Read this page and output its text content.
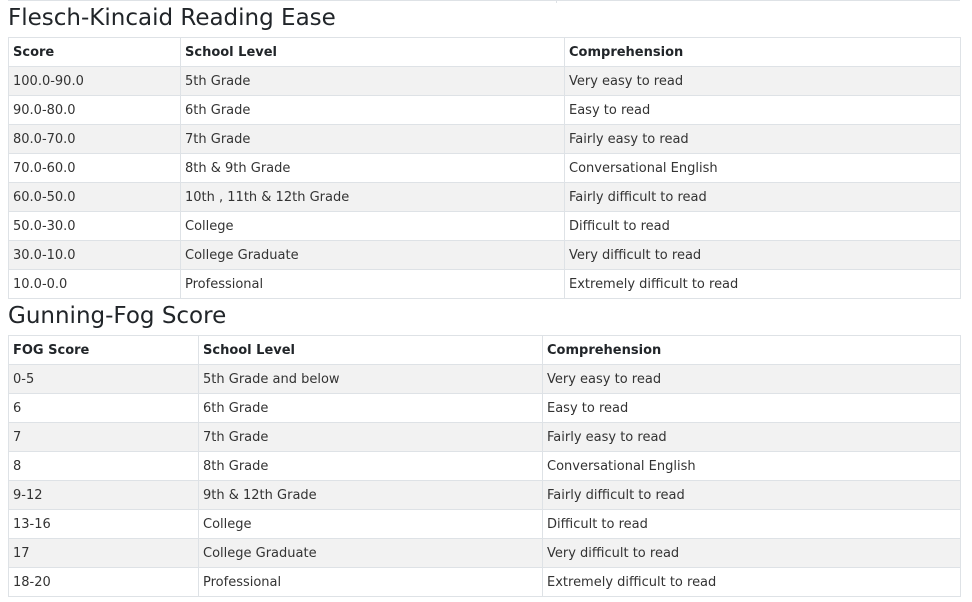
Flesch-Kincaid Reading Ease
Score	School Level	Comprehension
100.0-90.0	5th Grade	Very easy to read
90.0-80.0	6th Grade	Easy to read
80.0-70.0	7th Grade	Fairly easy to read
70.0-60.0	8th & 9th Grade	Conversational English
60.0-50.0	10th , 11th & 12th Grade	Fairly difficult to read
50.0-30.0	College	Difficult to read
30.0-10.0	College Graduate	Very difficult to read
10.0-0.0	Professional	Extremely difficult to read
Gunning-Fog Score
FOG Score	School Level	Comprehension
0-5	5th Grade and below	Very easy to read
6	6th Grade	Easy to read
7	7th Grade	Fairly easy to read
8	8th Grade	Conversational English
9-12	9th & 12th Grade	Fairly difficult to read
13-16	College	Difficult to read
17	College Graduate	Very difficult to read
18-20	Professional	Extremely difficult to read
